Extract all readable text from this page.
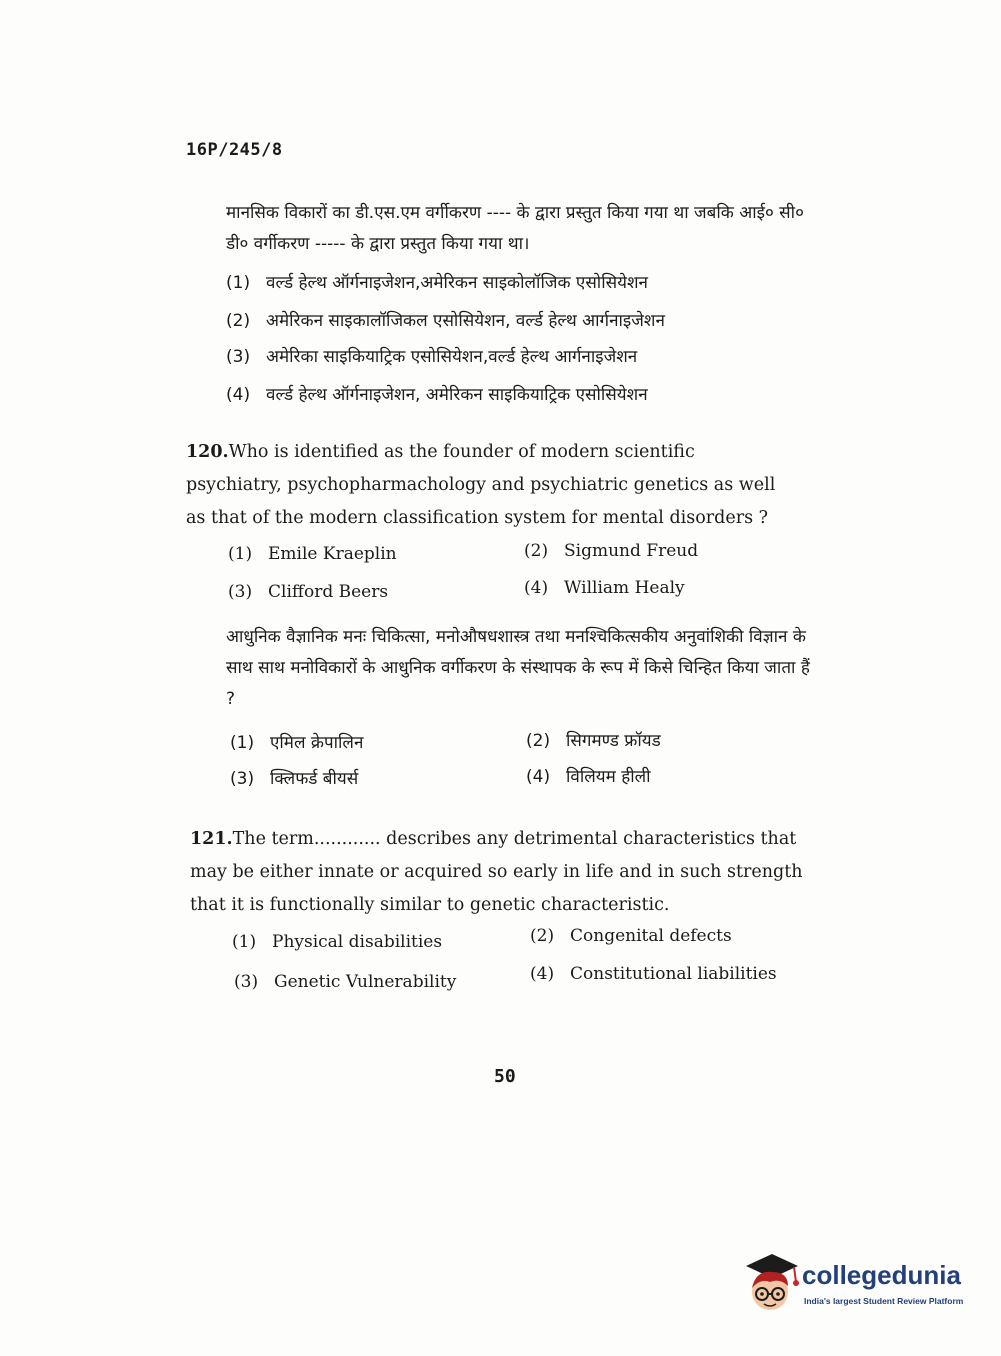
16P/245/8
मानसिक विकारों का डी.एस.एम वर्गीकरण ---- के द्वारा प्रस्तुत किया गया था जबकि आई० सी० डी० वर्गीकरण ----- के द्वारा प्रस्तुत किया गया था।
(1) वर्ल्ड हेल्थ ऑर्गनाइजेशन,अमेरिकन साइकोलॉजिक एसोसियेशन
(2) अमेरिकन साइकालॉजिकल एसोसियेशन, वर्ल्ड हेल्थ आर्गनाइजेशन
(3) अमेरिका साइकियाट्रिक एसोसियेशन,वर्ल्ड हेल्थ आर्गनाइजेशन
(4) वर्ल्ड हेल्थ ऑर्गनाइजेशन, अमेरिकन साइकियाट्रिक एसोसियेशन
120.Who is identified as the founder of modern scientific psychiatry, psychopharmachology and psychiatric genetics as well as that of the modern classification system for mental disorders ?
(1) Emile Kraeplin	(2) Sigmund Freud
(3) Clifford Beers	(4) William Healy
आधुनिक वैज्ञानिक मनः चिकित्सा, मनोऔषधशास्त्र तथा मनश्चिकित्सकीय अनुवांशिकी विज्ञान के साथ साथ मनोविकारों के आधुनिक वर्गीकरण के संस्थापक के रूप में किसे चिन्हित किया जाता हैं ?
(1) एमिल क्रेपालिन	(2) सिगमण्ड फ्रॉयड
(3) क्लिफर्ड बीयर्स	(4) विलियम हीली
121.The term............ describes any detrimental characteristics that may be either innate or acquired so early in life and in such strength that it is functionally similar to genetic characteristic.
(1) Physical disabilities	(2) Congenital defects
(3) Genetic Vulnerability	(4) Constitutional liabilities
50
collegedunia
India's largest Student Review Platform
